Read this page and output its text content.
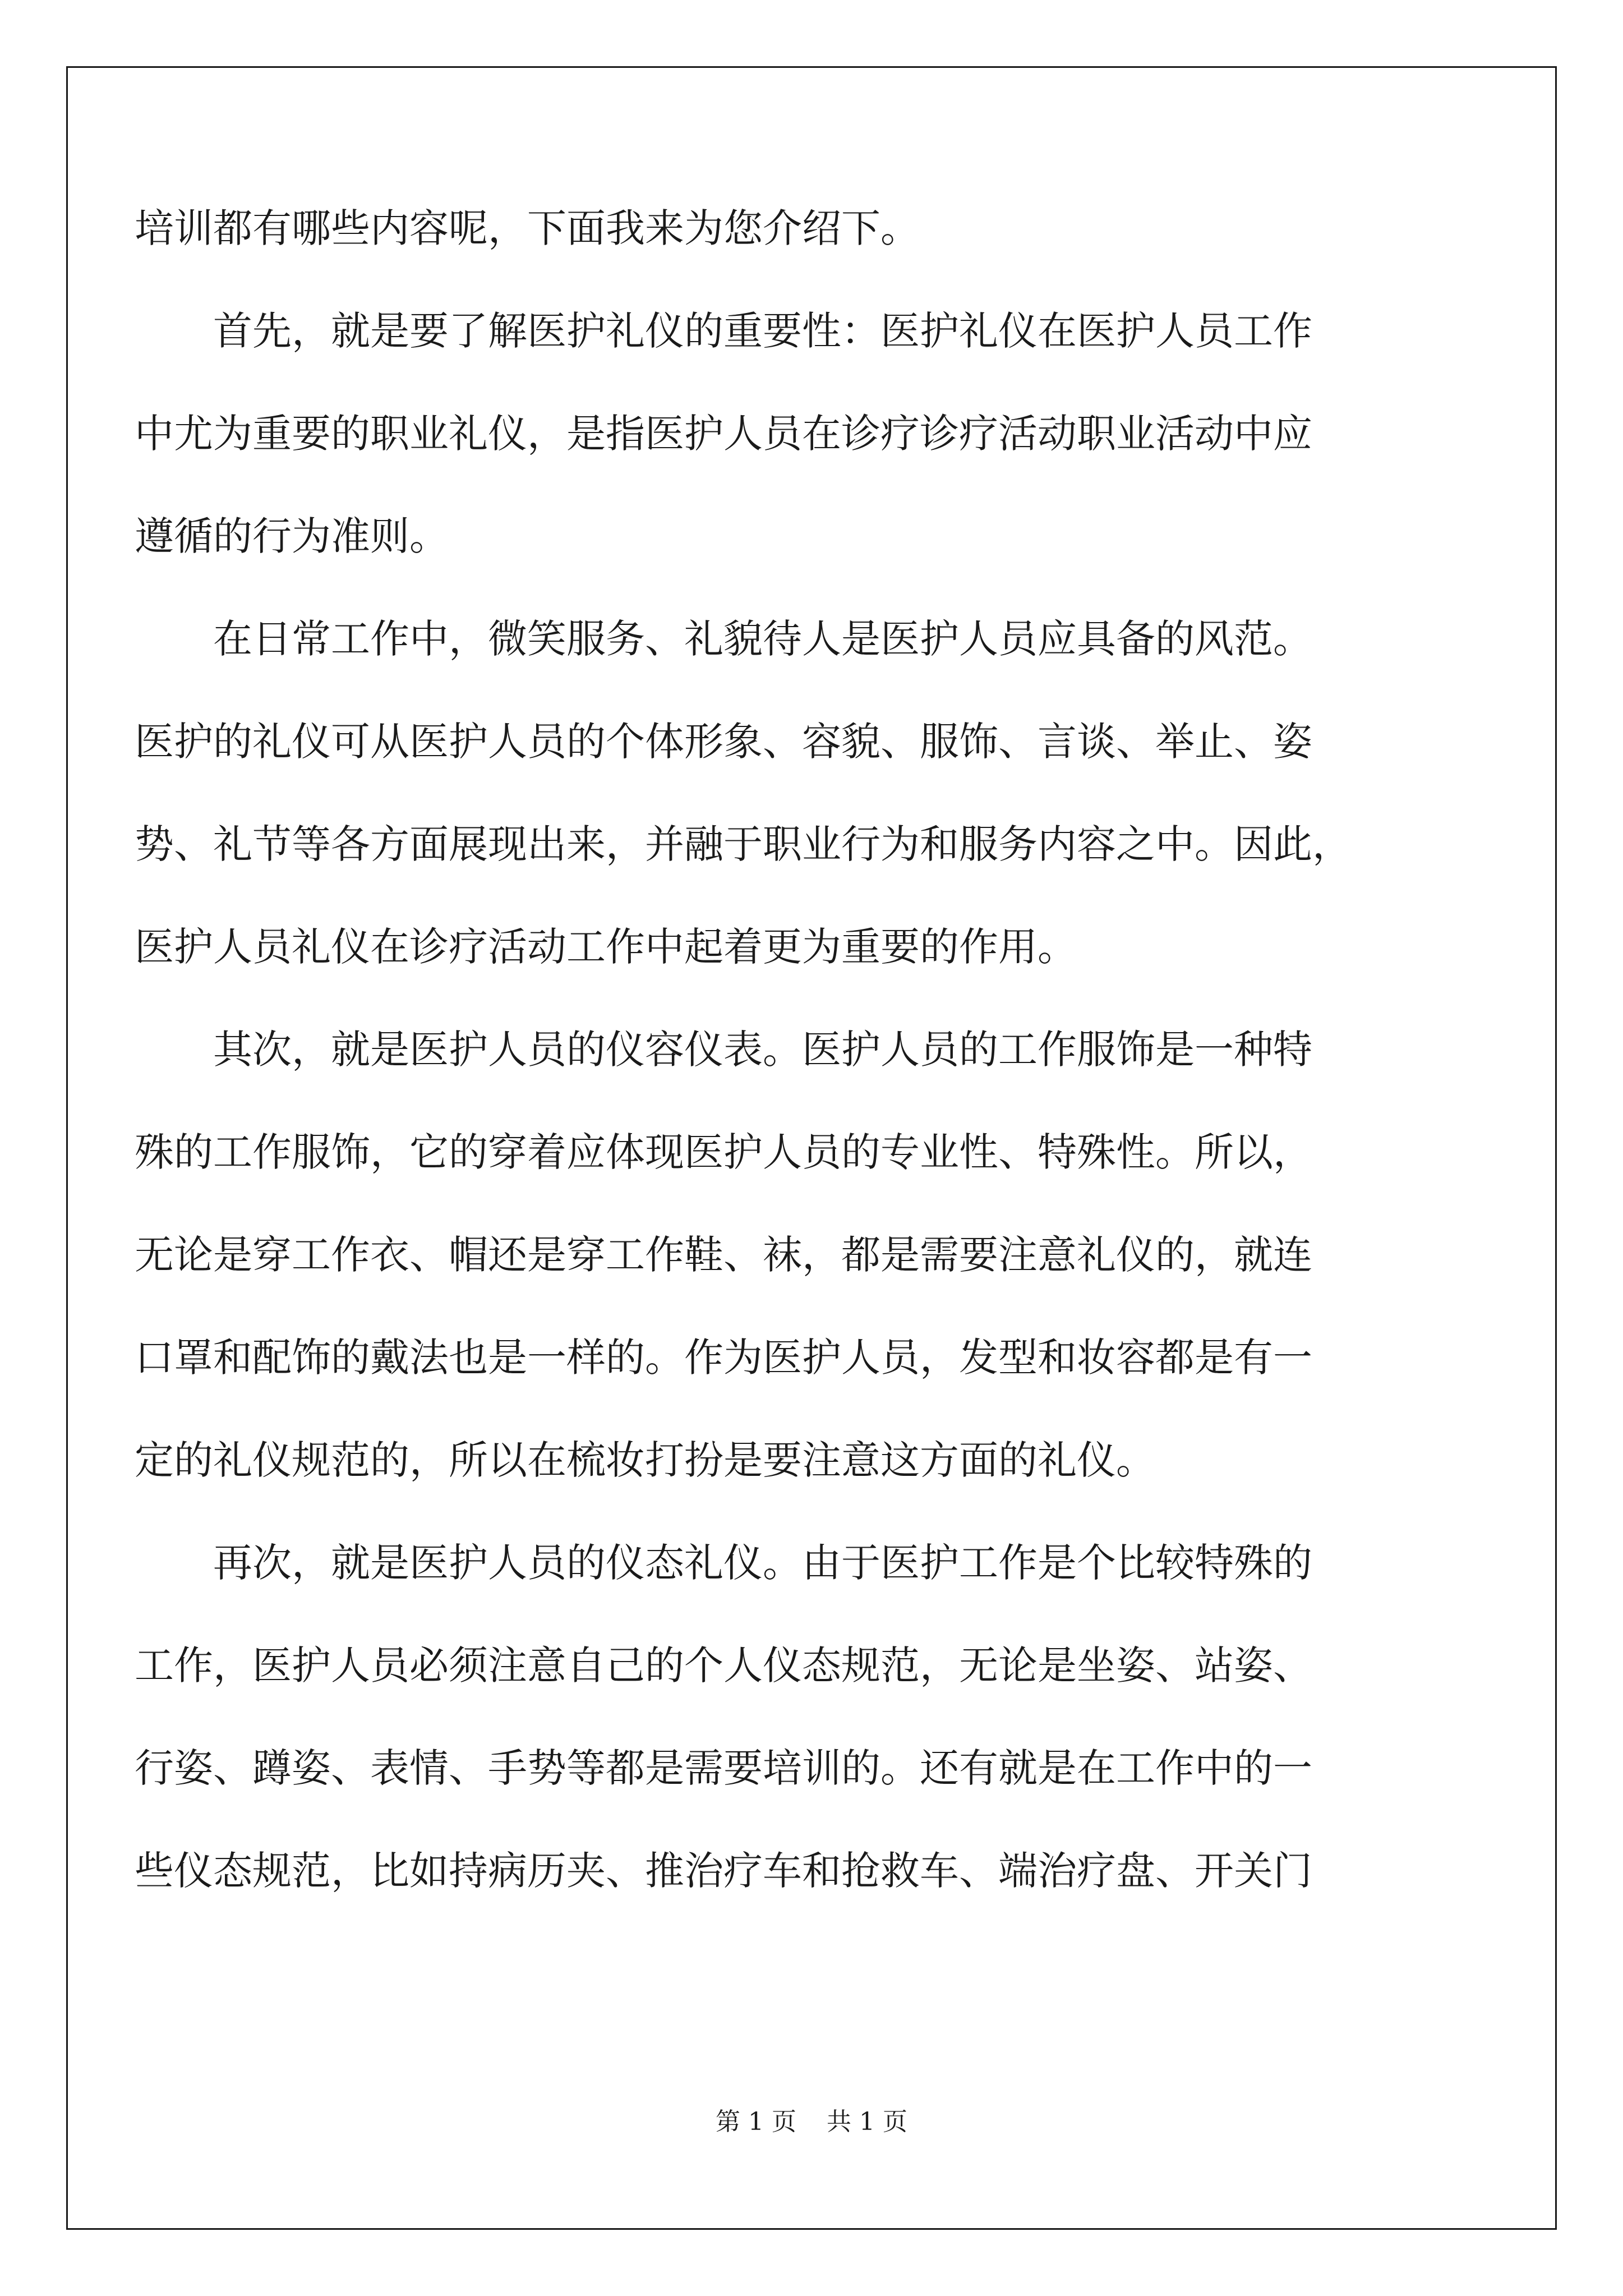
培训都有哪些内容呢，下面我来为您介绍下。
首先，就是要了解医护礼仪的重要性：医护礼仪在医护人员工作
中尤为重要的职业礼仪，是指医护人员在诊疗诊疗活动职业活动中应
遵循的行为准则。
在日常工作中，微笑服务、礼貌待人是医护人员应具备的风范。
医护的礼仪可从医护人员的个体形象、容貌、服饰、言谈、举止、姿
势、礼节等各方面展现出来，并融于职业行为和服务内容之中。因此，
医护人员礼仪在诊疗活动工作中起着更为重要的作用。
其次，就是医护人员的仪容仪表。医护人员的工作服饰是一种特
殊的工作服饰，它的穿着应体现医护人员的专业性、特殊性。所以，
无论是穿工作衣、帽还是穿工作鞋、袜，都是需要注意礼仪的，就连
口罩和配饰的戴法也是一样的。作为医护人员，发型和妆容都是有一
定的礼仪规范的，所以在梳妆打扮是要注意这方面的礼仪。
再次，就是医护人员的仪态礼仪。由于医护工作是个比较特殊的
工作，医护人员必须注意自己的个人仪态规范，无论是坐姿、站姿、
行姿、蹲姿、表情、手势等都是需要培训的。还有就是在工作中的一
些仪态规范，比如持病历夹、推治疗车和抢救车、端治疗盘、开关门
第 1 页 共 1 页
